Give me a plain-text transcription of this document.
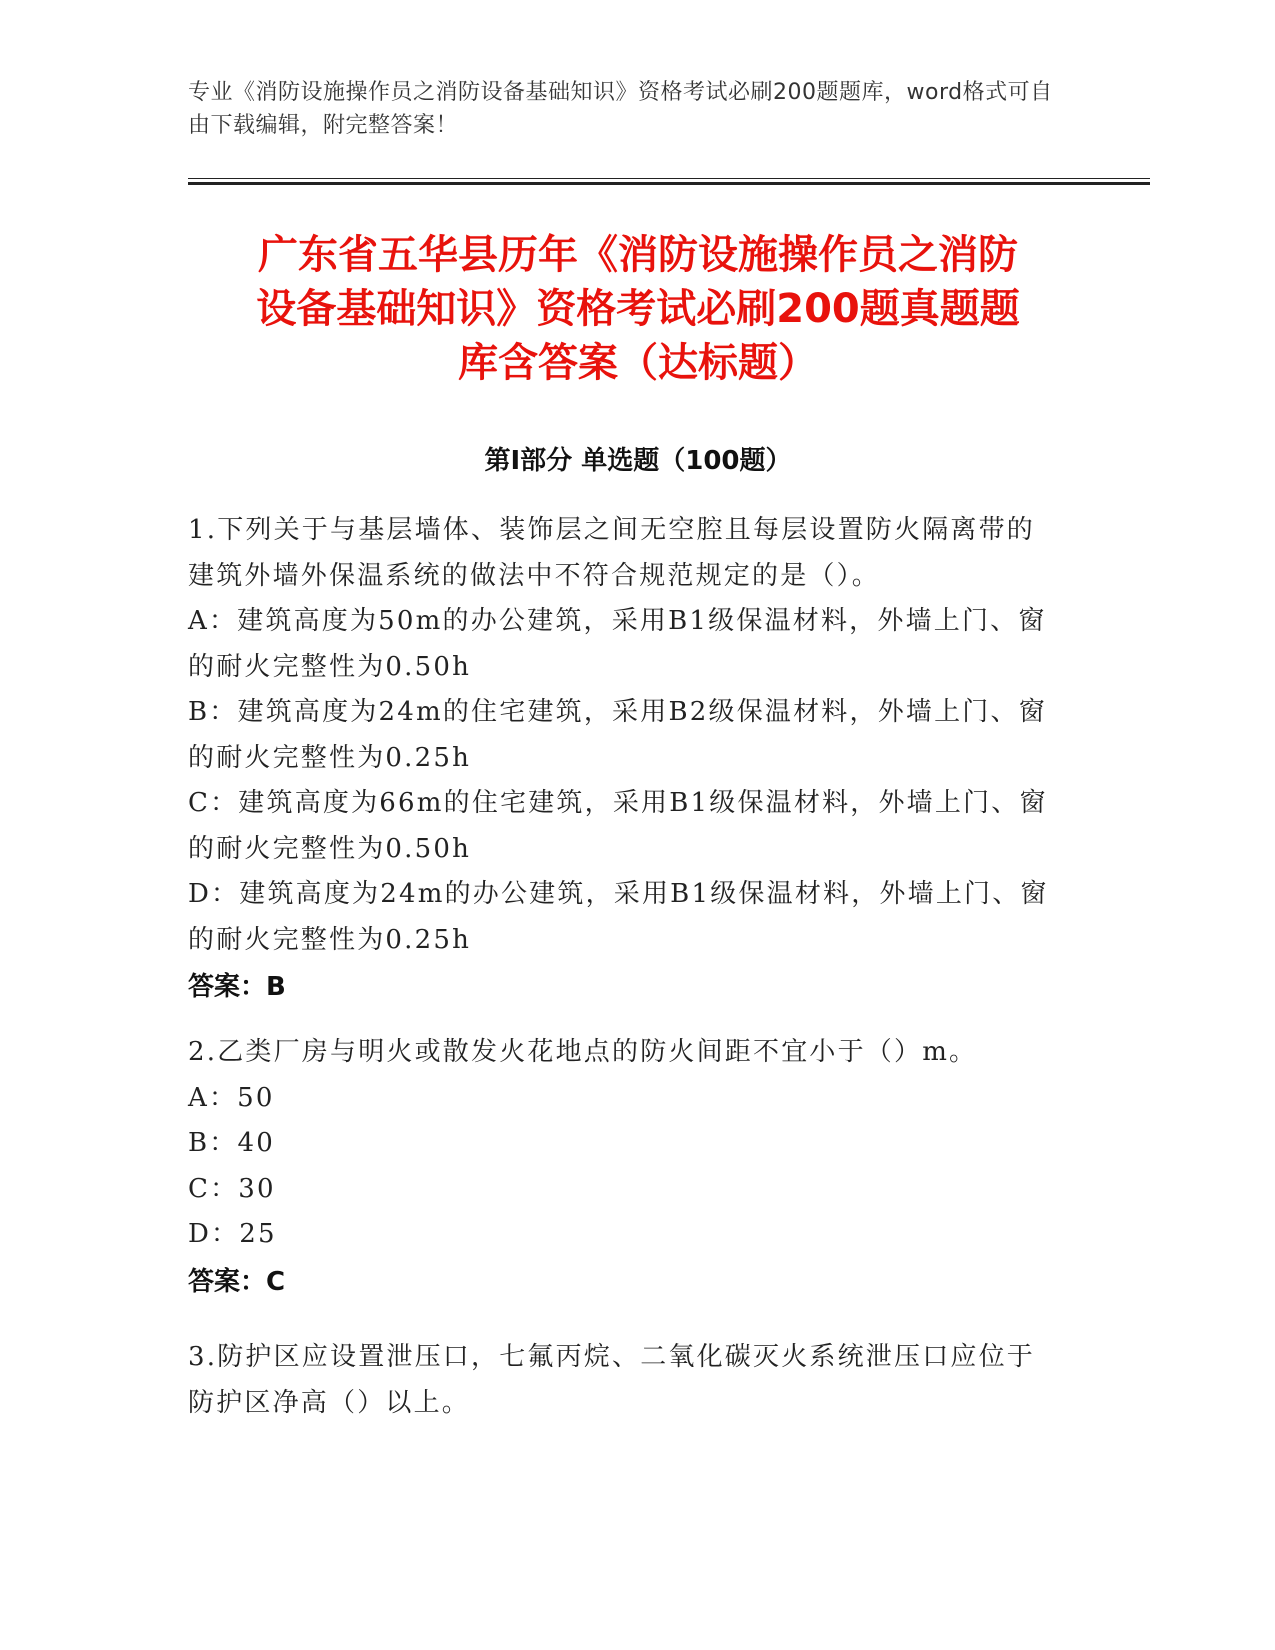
专业《消防设施操作员之消防设备基础知识》资格考试必刷200题题库，word格式可自由下载编辑，附完整答案！
广东省五华县历年《消防设施操作员之消防
设备基础知识》资格考试必刷200题真题题
库含答案（达标题）
第Ⅰ部分 单选题（100题）
1.下列关于与基层墙体、装饰层之间无空腔且每层设置防火隔离带的
建筑外墙外保温系统的做法中不符合规范规定的是（）。
A：建筑高度为50m的办公建筑，采用B1级保温材料，外墙上门、窗
的耐火完整性为0.50h
B：建筑高度为24m的住宅建筑，采用B2级保温材料，外墙上门、窗
的耐火完整性为0.25h
C：建筑高度为66m的住宅建筑，采用B1级保温材料，外墙上门、窗
的耐火完整性为0.50h
D：建筑高度为24m的办公建筑，采用B1级保温材料，外墙上门、窗
的耐火完整性为0.25h
答案：B
2.乙类厂房与明火或散发火花地点的防火间距不宜小于（）m。
A：50
B：40
C：30
D：25
答案：C
3.防护区应设置泄压口，七氟丙烷、二氧化碳灭火系统泄压口应位于
防护区净高（）以上。
